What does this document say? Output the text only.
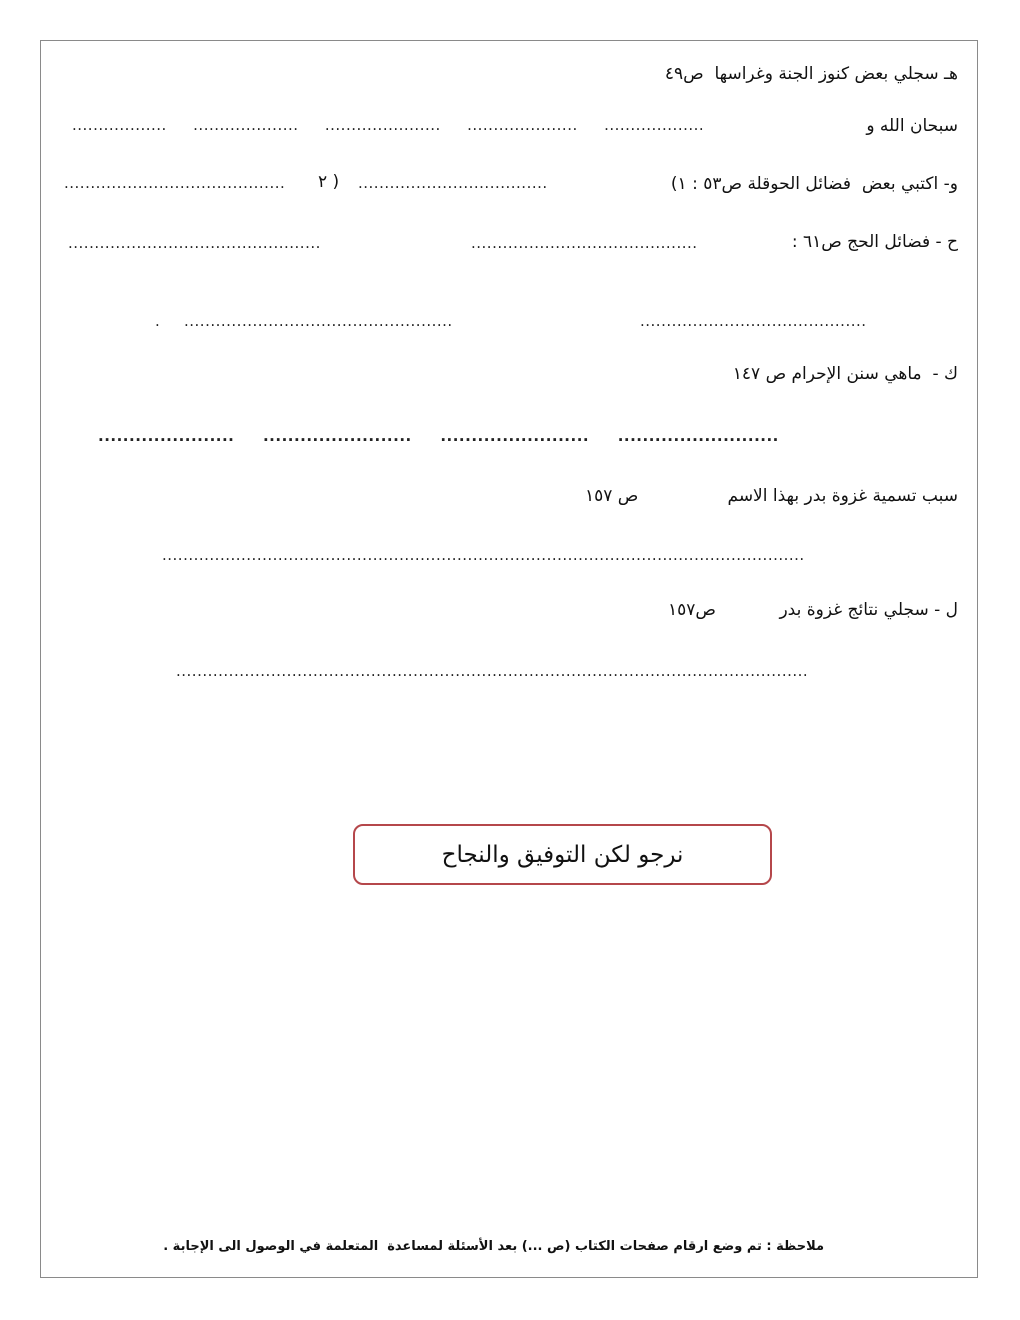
هـ سجلي بعض كنوز الجنة وغراسها  ص٤٩
سبحان الله و
..................     ....................     ......................     .....................     ...................
و- اكتبي بعض  فضائل الحوقلة ص٥٣ : ١)
....................................
٢ )
..........................................
ح - فضائل الحج ص٦١ :
...........................................
................................................
...........................................
...................................................
.
ك -  ماهي سنن الإحرام ص ١٤٧
......................     ........................     ........................     ..........................
سبب تسمية غزوة بدر بهذا الاسم
ص ١٥٧
..........................................................................................................................
ل - سجلي نتائج غزوة بدر
ص١٥٧
........................................................................................................................
نرجو لكن التوفيق والنجاح
ملاحظة : تم وضع ارقام صفحات الكتاب (ص ...) بعد الأسئلة لمساعدة  المتعلمة في الوصول الى الإجابة .
